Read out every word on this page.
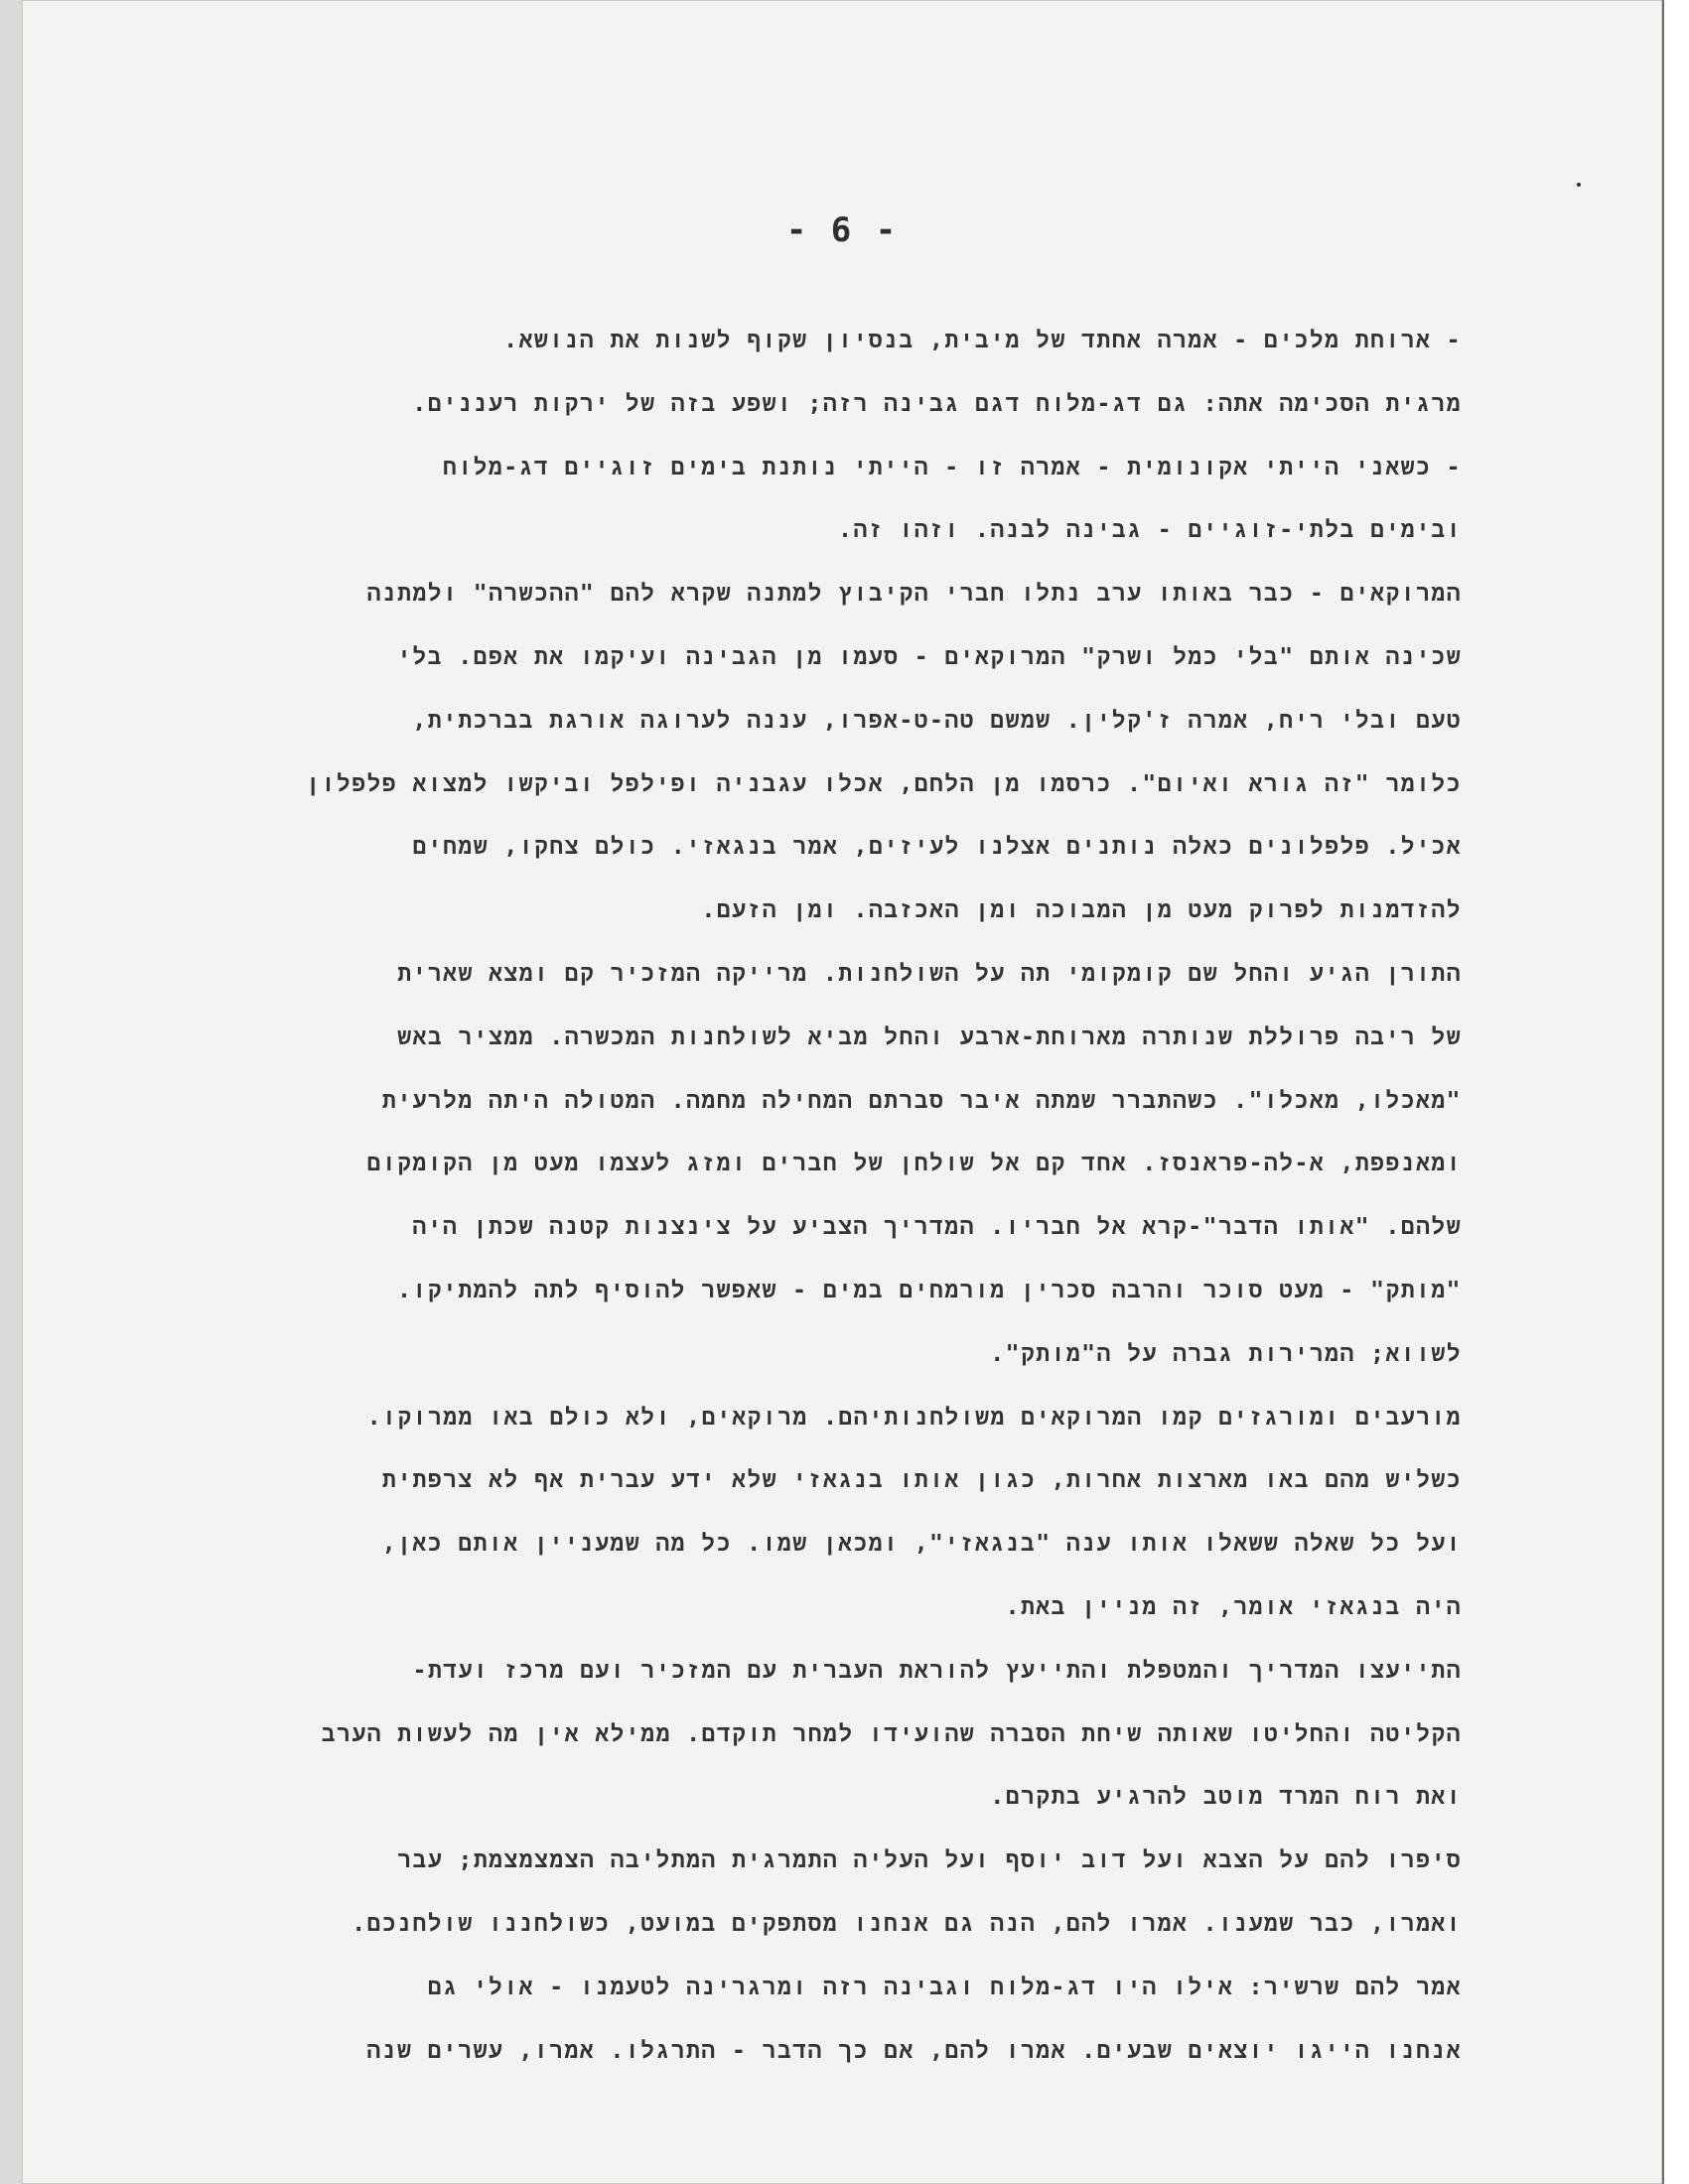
- 6 -
- ארוחת מלכים - אמרה אחתד של מיבית, בנסיון שקוף לשנות את הנושא.
מרגית הסכימה אתה: גם דג-מלוח דגם גבינה רזה; ושפע בזה של ירקות רעננים.
- כשאני הייתי אקונומית - אמרה זו - הייתי נותנת בימים זוגיים דג-מלוח
ובימים בלתי-זוגיים - גבינה לבנה. וזהו זה.
המרוקאים - כבר באותו ערב נתלו חברי הקיבוץ למתנה שקרא להם "ההכשרה" ולמתנה
שכינה אותם "בלי כמל ושרק" המרוקאים - סעמו מן הגבינה ועיקמו את אפם. בלי
טעם ובלי ריח, אמרה ז'קלין. שמשם טה-ט-אפרו, עננה לערוגה אורגת בברכתית,
כלומר "זה גורא ואיום". כרסמו מן הלחם, אכלו עגבניה ופילפל וביקשו למצוא פלפלון
אכיל. פלפלונים כאלה נותנים אצלנו לעיזים, אמר בנגאזי. כולם צחקו, שמחים
להזדמנות לפרוק מעט מן המבוכה ומן האכזבה. ומן הזעם.
התורן הגיע והחל שם קומקומי תה על השולחנות. מרייקה המזכיר קם ומצא שארית
של ריבה פרוללת שנותרה מארוחת-ארבע והחל מביא לשולחנות המכשרה. ממציר באש
"מאכלו, מאכלו". כשהתברר שמתה איבר סברתם המחילה מחמה. המטולה היתה מלרעית
ומאנפפת, א-לה-פראנסז. אחד קם אל שולחן של חברים ומזג לעצמו מעט מן הקומקום
שלהם. "אותו הדבר"-קרא אל חבריו. המדריך הצביע על צינצנות קטנה שכתן היה
"מותק" - מעט סוכר והרבה סכרין מורמחים במים - שאפשר להוסיף לתה להמתיקו.
לשווא; המרירות גברה על ה"מותק".
מורעבים ומורגזים קמו המרוקאים משולחנותיהם. מרוקאים, ולא כולם באו ממרוקו.
כשליש מהם באו מארצות אחרות, כגון אותו בנגאזי שלא ידע עברית אף לא צרפתית
ועל כל שאלה ששאלו אותו ענה "בנגאזי", ומכאן שמו. כל מה שמעניין אותם כאן,
היה בנגאזי אומר, זה מניין באת.
התייעצו המדריך והמטפלת והתייעץ להוראת העברית עם המזכיר ועם מרכז ועדת-
הקליטה והחליטו שאותה שיחת הסברה שהועידו למחר תוקדם. ממילא אין מה לעשות הערב
ואת רוח המרד מוטב להרגיע בתקרם.
סיפרו להם על הצבא ועל דוב יוסף ועל העליה התמרגית המתליבה הצמצמצמת; עבר
ואמרו, כבר שמענו. אמרו להם, הנה גם אנחנו מסתפקים במועט, כשולחננו שולחנכם.
אמר להם שרשיר: אילו היו דג-מלוח וגבינה רזה ומרגרינה לטעמנו - אולי גם
אנחנו הייגו יוצאים שבעים. אמרו להם, אם כך הדבר - התרגלו. אמרו, עשרים שנה
